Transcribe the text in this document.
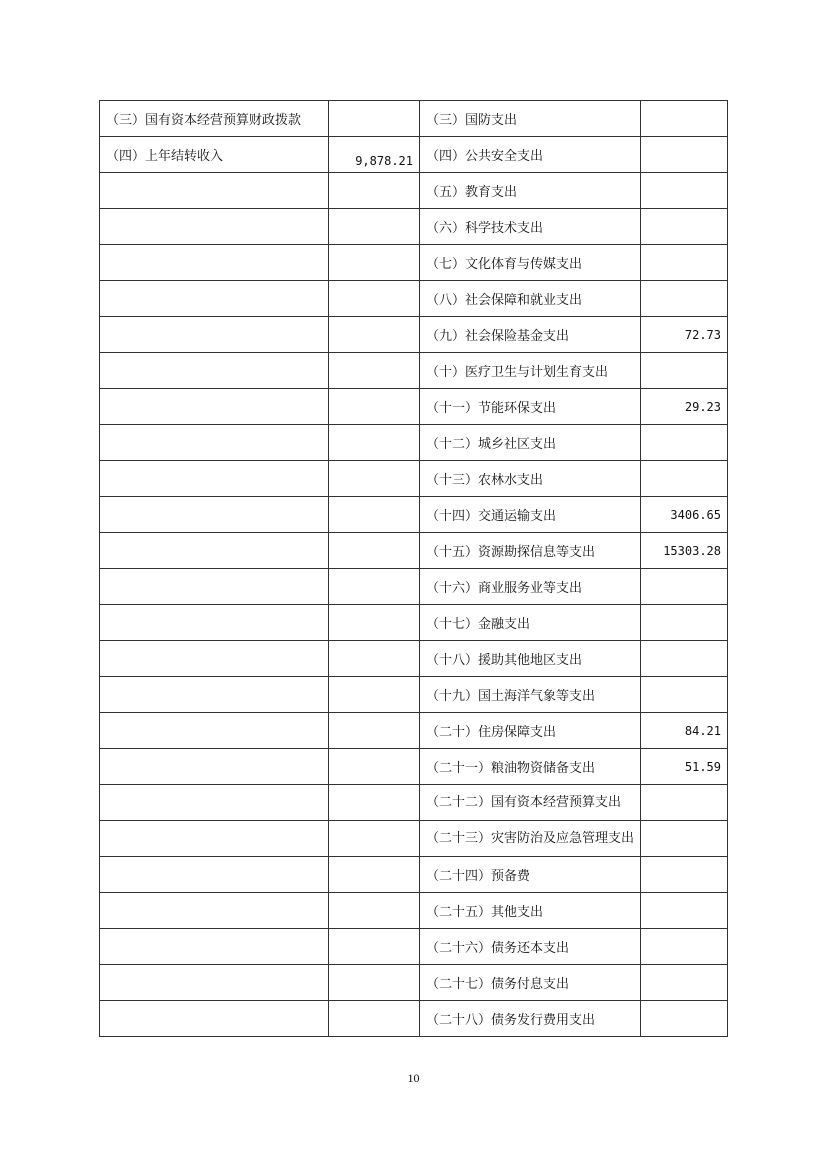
（三）国有资本经营预算财政拨款		（三）国防支出	
（四）上年结转收入	9,878.21	（四）公共安全支出	
		（五）教育支出	
		（六）科学技术支出	
		（七）文化体育与传媒支出	
		（八）社会保障和就业支出	
		（九）社会保险基金支出	72.73
		（十）医疗卫生与计划生育支出	
		（十一）节能环保支出	29.23
		（十二）城乡社区支出	
		（十三）农林水支出	
		（十四）交通运输支出	3406.65
		（十五）资源勘探信息等支出	15303.28
		（十六）商业服务业等支出	
		（十七）金融支出	
		（十八）援助其他地区支出	
		（十九）国土海洋气象等支出	
		（二十）住房保障支出	84.21
		（二十一）粮油物资储备支出	51.59
		（二十二）国有资本经营预算支出	
		（二十三）灾害防治及应急管理支出	
		（二十四）预备费	
		（二十五）其他支出	
		（二十六）债务还本支出	
		（二十七）债务付息支出	
		（二十八）债务发行费用支出	
10
